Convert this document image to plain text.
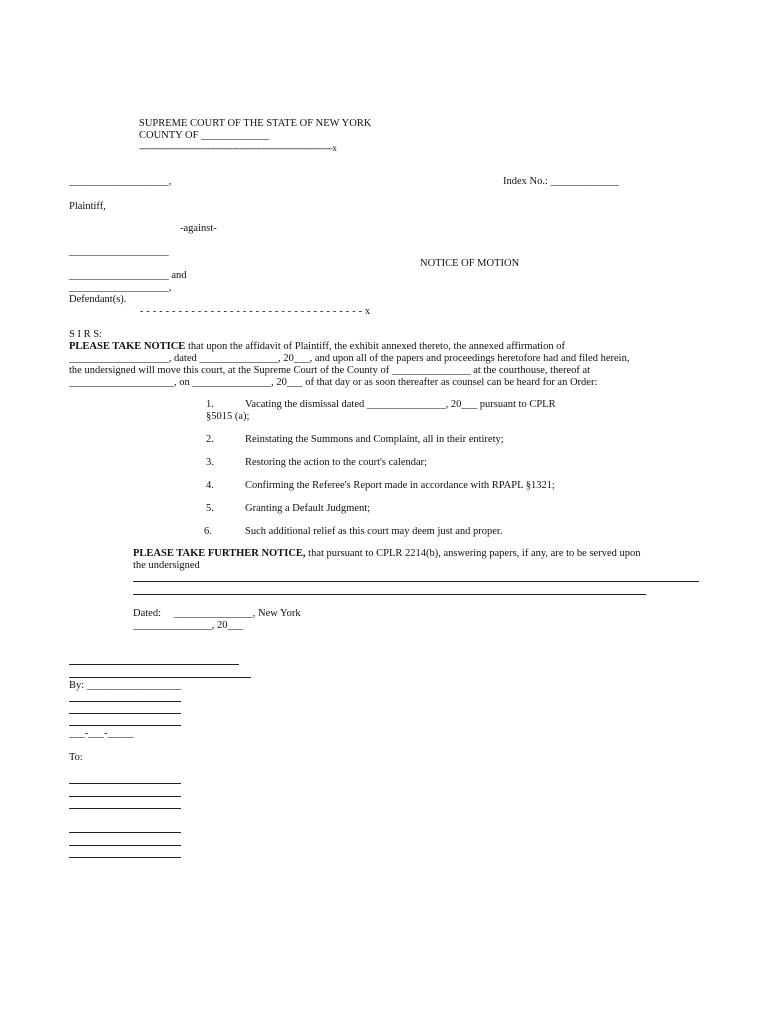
SUPREME COURT OF THE STATE OF NEW YORK
COUNTY OF _____________
-------------------------------------------------------------------------------x
___________________,	Index No.: _____________
Plaintiff,
-against-
___________________
NOTICE OF MOTION
___________________ and
___________________,
Defendant(s).
- - - - - - - - - - - - - - - - - - - - - - - - - - - - - - - - - - - x
S I R S:
PLEASE TAKE NOTICE that upon the affidavit of Plaintiff, the exhibit annexed thereto, the annexed affirmation of
___________________, dated _______________, 20___, and upon all of the papers and proceedings heretofore had and filed herein,
the undersigned will move this court, at the Supreme Court of the County of _______________ at the courthouse, thereof at
____________________, on _______________, 20___ of that day or as soon thereafter as counsel can be heard for an Order:
1.	Vacating the dismissal dated _______________, 20___ pursuant to CPLR
§5015 (a);
2.	Reinstating the Summons and Complaint, all in their entirety;
3.	Restoring the action to the court's calendar;
4.	Confirming the Referee's Report made in accordance with RPAPL §1321;
5.	Granting a Default Judgment;
6.	Such additional relief as this court may deem just and proper.
PLEASE TAKE FURTHER NOTICE, that pursuant to CPLR 2214(b), answering papers, if any, are to be served upon
the undersigned
Dated: _______________, New York
_______________, 20___
By: __________________
___-___-_____
To:
